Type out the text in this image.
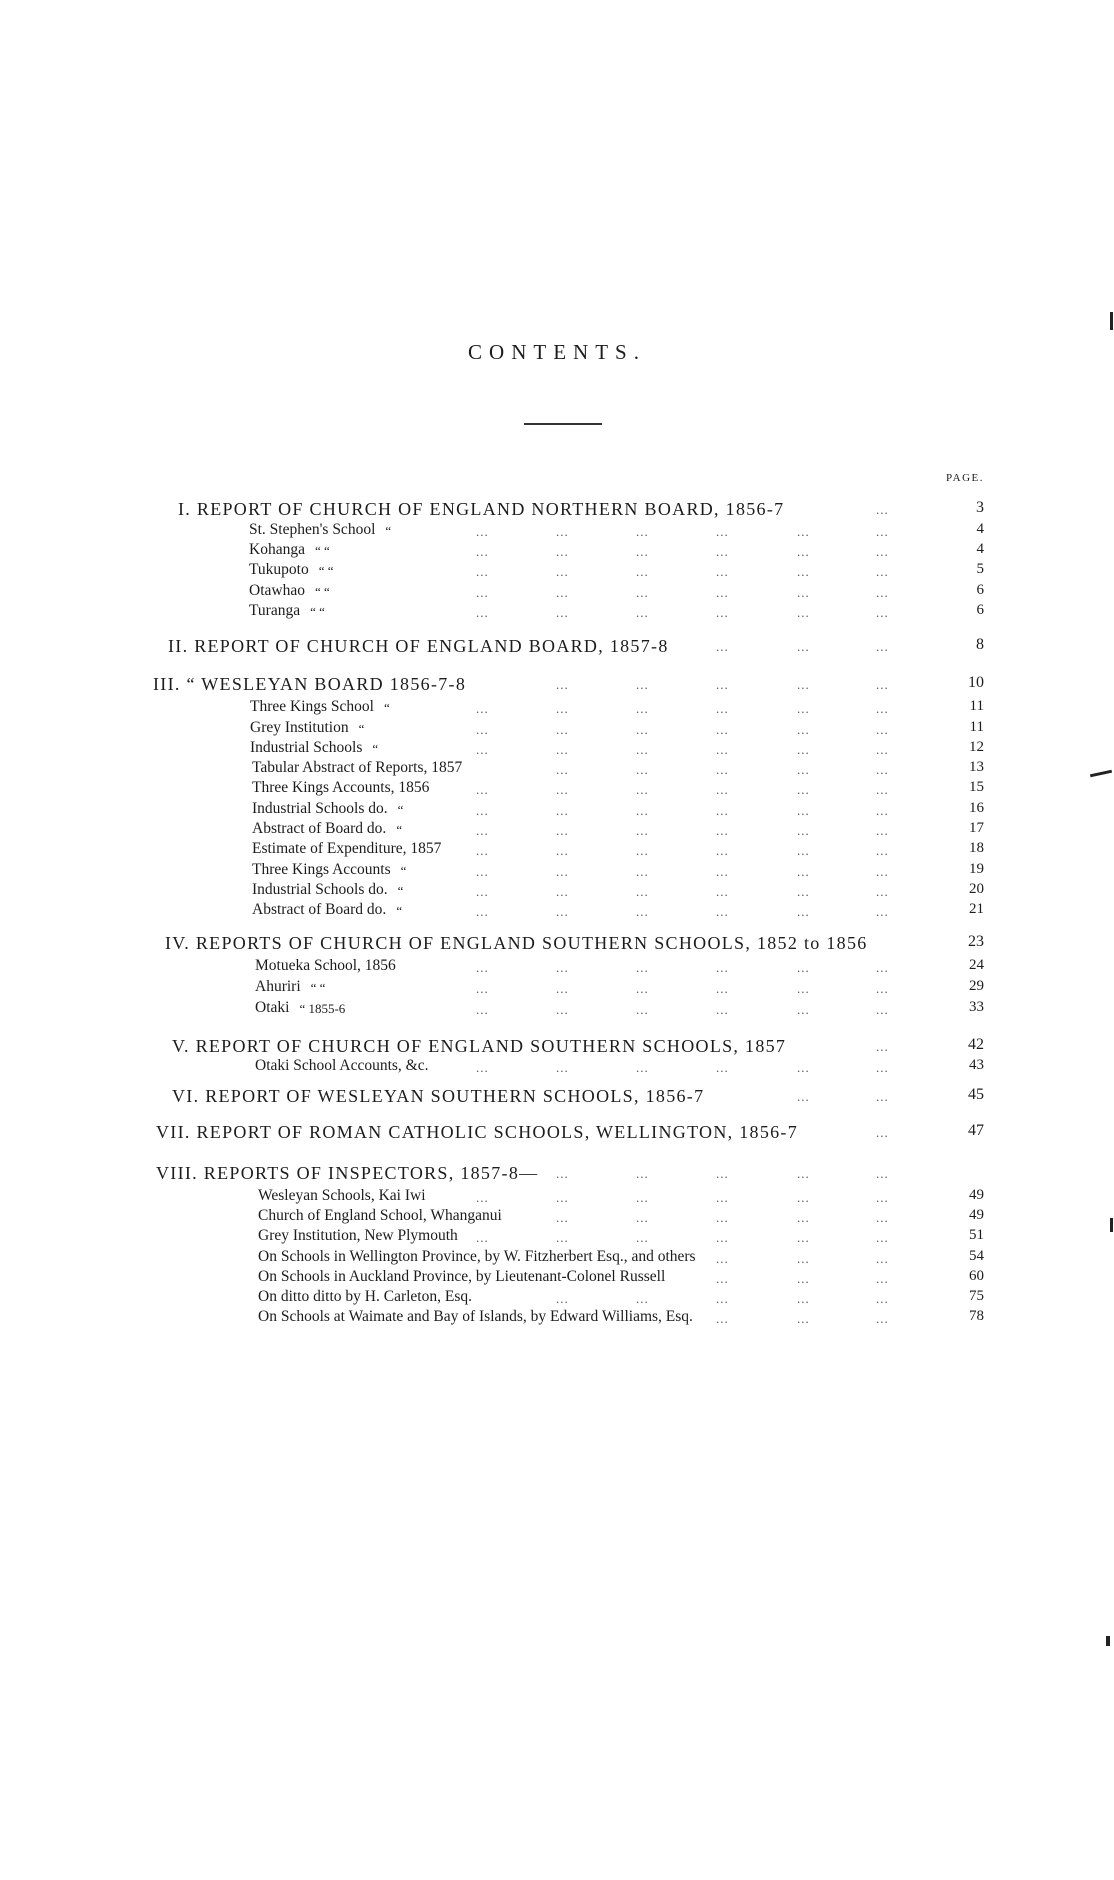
CONTENTS.
PAGE.
I. REPORT OF CHURCH OF ENGLAND NORTHERN BOARD, 1856-7	3
...
St. Stephen's School “	4
...	...	...	...	...	...
Kohanga “ “	4
...	...	...	...	...	...
Tukupoto “ “	5
...	...	...	...	...	...
Otawhao “ “	6
...	...	...	...	...	...
Turanga “ “	6
...	...	...	...	...	...
II. REPORT OF CHURCH OF ENGLAND BOARD, 1857-8	8
...	...	...
III. “ WESLEYAN BOARD 1856-7-8	10
...	...	...	...	...
Three Kings School “	11
...	...	...	...	...	...
Grey Institution “	11
...	...	...	...	...	...
Industrial Schools “	12
...	...	...	...	...	...
Tabular Abstract of Reports, 1857	13
...	...	...	...	...
Three Kings Accounts, 1856	15
...	...	...	...	...	...
Industrial Schools do. “	16
...	...	...	...	...	...
Abstract of Board do. “	17
...	...	...	...	...	...
Estimate of Expenditure, 1857	18
...	...	...	...	...	...
Three Kings Accounts “	19
...	...	...	...	...	...
Industrial Schools do. “	20
...	...	...	...	...	...
Abstract of Board do. “	21
...	...	...	...	...	...
IV. REPORTS OF CHURCH OF ENGLAND SOUTHERN SCHOOLS, 1852 to 1856	23
Motueka School, 1856	24
...	...	...	...	...	...
Ahuriri “ “	29
...	...	...	...	...	...
Otaki “ 1855-6	33
...	...	...	...	...	...
V. REPORT OF CHURCH OF ENGLAND SOUTHERN SCHOOLS, 1857	42
...
Otaki School Accounts, &c.	43
...	...	...	...	...	...
VI. REPORT OF WESLEYAN SOUTHERN SCHOOLS, 1856-7	45
...	...
VII. REPORT OF ROMAN CATHOLIC SCHOOLS, WELLINGTON, 1856-7	47
...
VIII. REPORTS OF INSPECTORS, 1857-8— ...	...	...	...	...
Wesleyan Schools, Kai Iwi	49
...	...	...	...	...	...
Church of England School, Whanganui	49
...	...	...	...	...
Grey Institution, New Plymouth	51
...	...	...	...	...	...
On Schools in Wellington Province, by W. Fitzherbert Esq., and others	54
...	...	...
On Schools in Auckland Province, by Lieutenant-Colonel Russell	60
...	...	...
On ditto ditto by H. Carleton, Esq.	75
...	...	...	...	...
On Schools at Waimate and Bay of Islands, by Edward Williams, Esq.	78
...	...	...
